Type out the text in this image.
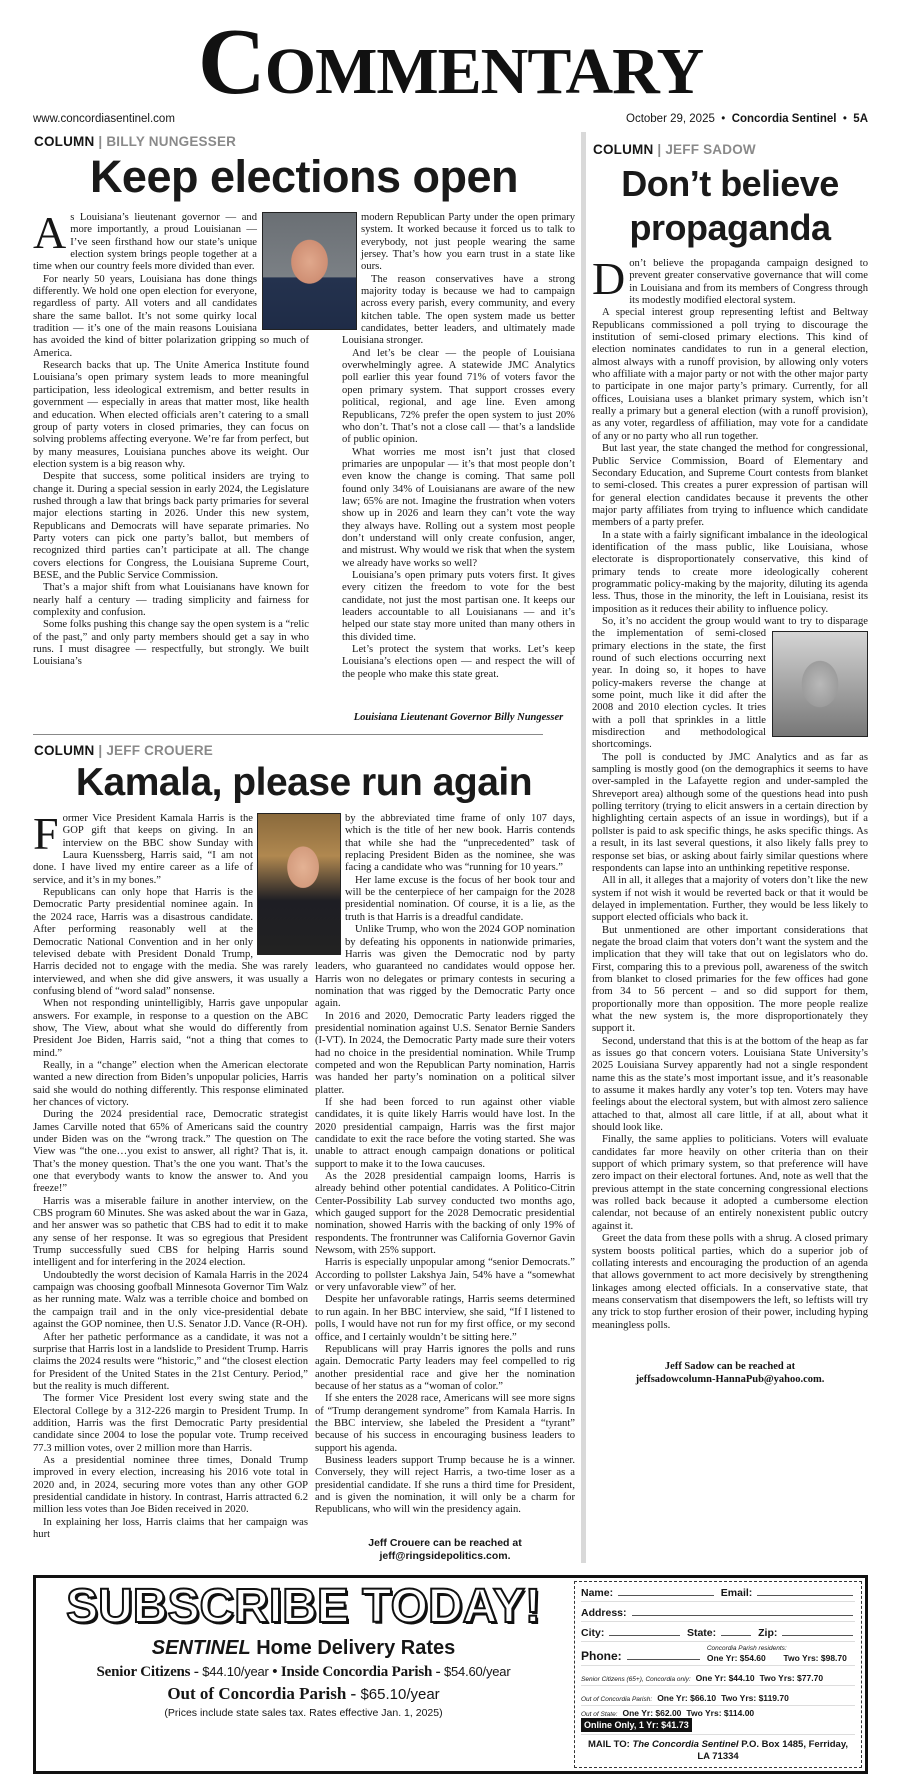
Commentary
www.concordiasentinel.com	October 29, 2025 • Concordia Sentinel • 5A
COLUMN | BILLY NUNGESSER
Keep elections open

As Louisiana’s lieutenant governor — and more importantly, a proud Louisianan — I’ve seen firsthand how our state’s unique election system brings people together at a time when our country feels more divided than ever.

For nearly 50 years, Louisiana has done things differently. We hold one open election for everyone, regardless of party. All voters and all candidates share the same ballot. It’s not some quirky local tradition — it’s one of the main reasons Louisiana has avoided the kind of bitter polarization gripping so much of America.

Research backs that up. The Unite America Institute found Louisiana’s open primary system leads to more meaningful participation, less ideological extremism, and better results in government — especially in areas that matter most, like health and education. When elected officials aren’t catering to a small group of party voters in closed primaries, they can focus on solving problems affecting everyone. We’re far from perfect, but by many measures, Louisiana punches above its weight. Our election system is a big reason why.

Despite that success, some political insiders are trying to change it. During a special session in early 2024, the Legislature rushed through a law that brings back party primaries for several major elections starting in 2026. Under this new system, Republicans and Democrats will have separate primaries. No Party voters can pick one party’s ballot, but members of recognized third parties can’t participate at all. The change covers elections for Congress, the Louisiana Supreme Court, BESE, and the Public Service Commission.

That’s a major shift from what Louisianans have known for nearly half a century — trading simplicity and fairness for complexity and confusion.

Some folks pushing this change say the open system is a “relic of the past,” and only party members should get a say in who runs. I must disagree — respectfully, but strongly. We built Louisiana’s

modern Republican Party under the open primary system. It worked because it forced us to talk to everybody, not just people wearing the same jersey. That’s how you earn trust in a state like ours.

The reason conservatives have a strong majority today is because we had to campaign across every parish, every community, and every kitchen table. The open system made us better candidates, better leaders, and ultimately made Louisiana stronger.

And let’s be clear — the people of Louisiana overwhelmingly agree. A statewide JMC Analytics poll earlier this year found 71% of voters favor the open primary system. That support crosses every political, regional, and age line. Even among Republicans, 72% prefer the open system to just 20% who don’t. That’s not a close call — that’s a landslide of public opinion.

What worries me most isn’t just that closed primaries are unpopular — it’s that most people don’t even know the change is coming. That same poll found only 34% of Louisianans are aware of the new law; 65% are not. Imagine the frustration when voters show up in 2026 and learn they can’t vote the way they always have. Rolling out a system most people don’t understand will only create confusion, anger, and mistrust. Why would we risk that when the system we already have works so well?

Louisiana’s open primary puts voters first. It gives every citizen the freedom to vote for the best candidate, not just the most partisan one. It keeps our leaders accountable to all Louisianans — and it’s helped our state stay more united than many others in this divided time.

Let’s protect the system that works. Let’s keep Louisiana’s elections open — and respect the will of the people who make this state great.

Louisiana Lieutenant Governor Billy Nungesser
COLUMN | JEFF CROUERE
Kamala, please run again

Former Vice President Kamala Harris is the GOP gift that keeps on giving. In an interview on the BBC show Sunday with Laura Kuenssberg, Harris said, “I am not done. I have lived my entire career as a life of service, and it’s in my bones.”

Republicans can only hope that Harris is the Democratic Party presidential nominee again. In the 2024 race, Harris was a disastrous candidate. After performing reasonably well at the Democratic National Convention and in her only televised debate with President Donald Trump, Harris decided not to engage with the media. She was rarely interviewed, and when she did give answers, it was usually a confusing blend of “word salad” nonsense.

When not responding unintelligibly, Harris gave unpopular answers. For example, in response to a question on the ABC show, The View, about what she would do differently from President Joe Biden, Harris said, “not a thing that comes to mind.”

Really, in a “change” election when the American electorate wanted a new direction from Biden’s unpopular policies, Harris said she would do nothing differently. This response eliminated her chances of victory.

During the 2024 presidential race, Democratic strategist James Carville noted that 65% of Americans said the country under Biden was on the “wrong track.” The question on The View was “the one…you exist to answer, all right? That is, it. That’s the money question. That’s the one you want. That’s the one that everybody wants to know the answer to. And you freeze!”

Harris was a miserable failure in another interview, on the CBS program 60 Minutes. She was asked about the war in Gaza, and her answer was so pathetic that CBS had to edit it to make any sense of her response. It was so egregious that President Trump successfully sued CBS for helping Harris sound intelligent and for interfering in the 2024 election.

Undoubtedly the worst decision of Kamala Harris in the 2024 campaign was choosing goofball Minnesota Governor Tim Walz as her running mate. Walz was a terrible choice and bombed on the campaign trail and in the only vice-presidential debate against the GOP nominee, then U.S. Senator J.D. Vance (R-OH).

After her pathetic performance as a candidate, it was not a surprise that Harris lost in a landslide to President Trump. Harris claims the 2024 results were “historic,” and “the closest election for President of the United States in the 21st Century. Period,” but the reality is much different.

The former Vice President lost every swing state and the Electoral College by a 312-226 margin to President Trump. In addition, Harris was the first Democratic Party presidential candidate since 2004 to lose the popular vote. Trump received 77.3 million votes, over 2 million more than Harris.

As a presidential nominee three times, Donald Trump improved in every election, increasing his 2016 vote total in 2020 and, in 2024, securing more votes than any other GOP presidential candidate in history. In contrast, Harris attracted 6.2 million less votes than Joe Biden received in 2020.

In explaining her loss, Harris claims that her campaign was hurt

by the abbreviated time frame of only 107 days, which is the title of her new book. Harris contends that while she had the “unprecedented” task of replacing President Biden as the nominee, she was facing a candidate who was “running for 10 years.”

Her lame excuse is the focus of her book tour and will be the centerpiece of her campaign for the 2028 presidential nomination. Of course, it is a lie, as the truth is that Harris is a dreadful candidate.

Unlike Trump, who won the 2024 GOP nomination by defeating his opponents in nationwide primaries, Harris was given the Democratic nod by party leaders, who guaranteed no candidates would oppose her. Harris won no delegates or primary contests in securing a nomination that was rigged by the Democratic Party once again.

In 2016 and 2020, Democratic Party leaders rigged the presidential nomination against U.S. Senator Bernie Sanders (I-VT). In 2024, the Democratic Party made sure their voters had no choice in the presidential nomination. While Trump competed and won the Republican Party nomination, Harris was handed her party’s nomination on a political silver platter.

If she had been forced to run against other viable candidates, it is quite likely Harris would have lost. In the 2020 presidential campaign, Harris was the first major candidate to exit the race before the voting started. She was unable to attract enough campaign donations or political support to make it to the Iowa caucuses.

As the 2028 presidential campaign looms, Harris is already behind other potential candidates. A Politico-Citrin Center-Possibility Lab survey conducted two months ago, which gauged support for the 2028 Democratic presidential nomination, showed Harris with the backing of only 19% of respondents. The frontrunner was California Governor Gavin Newsom, with 25% support.

Harris is especially unpopular among “senior Democrats.” According to pollster Lakshya Jain, 54% have a “somewhat or very unfavorable view” of her.

Despite her unfavorable ratings, Harris seems determined to run again. In her BBC interview, she said, “If I listened to polls, I would have not run for my first office, or my second office, and I certainly wouldn’t be sitting here.”

Republicans will pray Harris ignores the polls and runs again. Democratic Party leaders may feel compelled to rig another presidential race and give her the nomination because of her status as a “woman of color.”

If she enters the 2028 race, Americans will see more signs of “Trump derangement syndrome” from Kamala Harris. In the BBC interview, she labeled the President a “tyrant” because of his success in encouraging business leaders to support his agenda.

Business leaders support Trump because he is a winner. Conversely, they will reject Harris, a two-time loser as a presidential candidate. If she runs a third time for President, and is given the nomination, it will only be a charm for Republicans, who will win the presidency again.

Jeff Crouere can be reached at
jeff@ringsidepolitics.com.
COLUMN | JEFF SADOW
Don’t believe
propaganda

Don’t believe the propaganda campaign designed to prevent greater conservative governance that will come in Louisiana and from its members of Congress through its modestly modified electoral system.

A special interest group representing leftist and Beltway Republicans commissioned a poll trying to discourage the institution of semi-closed primary elections. This kind of election nominates candidates to run in a general election, almost always with a runoff provision, by allowing only voters who affiliate with a major party or not with the other major party to participate in one major party’s primary. Currently, for all offices, Louisiana uses a blanket primary system, which isn’t really a primary but a general election (with a runoff provision), as any voter, regardless of affiliation, may vote for a candidate of any or no party who all run together.

But last year, the state changed the method for congressional, Public Service Commission, Board of Elementary and Secondary Education, and Supreme Court contests from blanket to semi-closed. This creates a purer expression of partisan will for general election candidates because it prevents the other major party affiliates from trying to influence which candidate members of a party prefer.

In a state with a fairly significant imbalance in the ideological identification of the mass public, like Louisiana, whose electorate is disproportionately conservative, this kind of primary tends to create more ideologically coherent programmatic policy-making by the majority, diluting its agenda less. Thus, those in the minority, the left in Louisiana, resist its imposition as it reduces their ability to influence policy.

So, it’s no accident the group would want to try to disparage the implementation of semi-closed primary elections in the state, the first round of such elections occurring next year. In doing so, it hopes to have policy-makers reverse the change at some point, much like it did after the 2008 and 2010 election cycles. It tries with a poll that sprinkles in a little misdirection and methodological shortcomings.

The poll is conducted by JMC Analytics and as far as sampling is mostly good (on the demographics it seems to have over-sampled in the Lafayette region and under-sampled the Shreveport area) although some of the questions head into push polling territory (trying to elicit answers in a certain direction by highlighting certain aspects of an issue in wordings), but if a pollster is paid to ask specific things, he asks specific things. As a result, in its last several questions, it also likely falls prey to response set bias, or asking about fairly similar questions where respondents can lapse into an unthinking repetitive response.

All in all, it alleges that a majority of voters don’t like the new system if not wish it would be reverted back or that it would be delayed in implementation. Further, they would be less likely to support elected officials who back it.

But unmentioned are other important considerations that negate the broad claim that voters don’t want the system and the implication that they will take that out on legislators who do. First, comparing this to a previous poll, awareness of the switch from blanket to closed primaries for the few offices had gone from 34 to 56 percent – and so did support for them, proportionally more than opposition. The more people realize what the new system is, the more disproportionately they support it.

Second, understand that this is at the bottom of the heap as far as issues go that concern voters. Louisiana State University’s 2025 Louisiana Survey apparently had not a single respondent name this as the state’s most important issue, and it’s reasonable to assume it makes hardly any voter’s top ten. Voters may have feelings about the electoral system, but with almost zero salience attached to that, almost all care little, if at all, about what it should look like.

Finally, the same applies to politicians. Voters will evaluate candidates far more heavily on other criteria than on their support of which primary system, so that preference will have zero impact on their electoral fortunes. And, note as well that the previous attempt in the state concerning congressional elections was rolled back because it adopted a cumbersome election calendar, not because of an entirely nonexistent public outcry against it.

Greet the data from these polls with a shrug. A closed primary system boosts political parties, which do a superior job of collating interests and encouraging the production of an agenda that allows government to act more decisively by strengthening linkages among elected officials. In a conservative state, that means conservatism that disempowers the left, so leftists will try any trick to stop further erosion of their power, including hyping meaningless polls.

Jeff Sadow can be reached at
jeffsadowcolumn-HannaPub@yahoo.com.
SUBSCRIBE TODAY!
SENTINEL Home Delivery Rates
Senior Citizens - $44.10/year • Inside Concordia Parish - $54.60/year
Out of Concordia Parish - $65.10/year
(Prices include state sales tax. Rates effective Jan. 1, 2025)
Name:	Email:
Address:
City:	State:	Zip:
Phone:
Concordia Parish residents:
One Yr: $54.60 Two Yrs: $98.70
Senior Citizens (65+), Concordia only: One Yr: $44.10 Two Yrs: $77.70
Out of Concordia Parish: One Yr: $66.10 Two Yrs: $119.70
Out of State: One Yr: $62.00 Two Yrs: $114.00
Online Only, 1 Yr: $41.73
MAIL TO: The Concordia Sentinel P.O. Box 1485, Ferriday, LA 71334
